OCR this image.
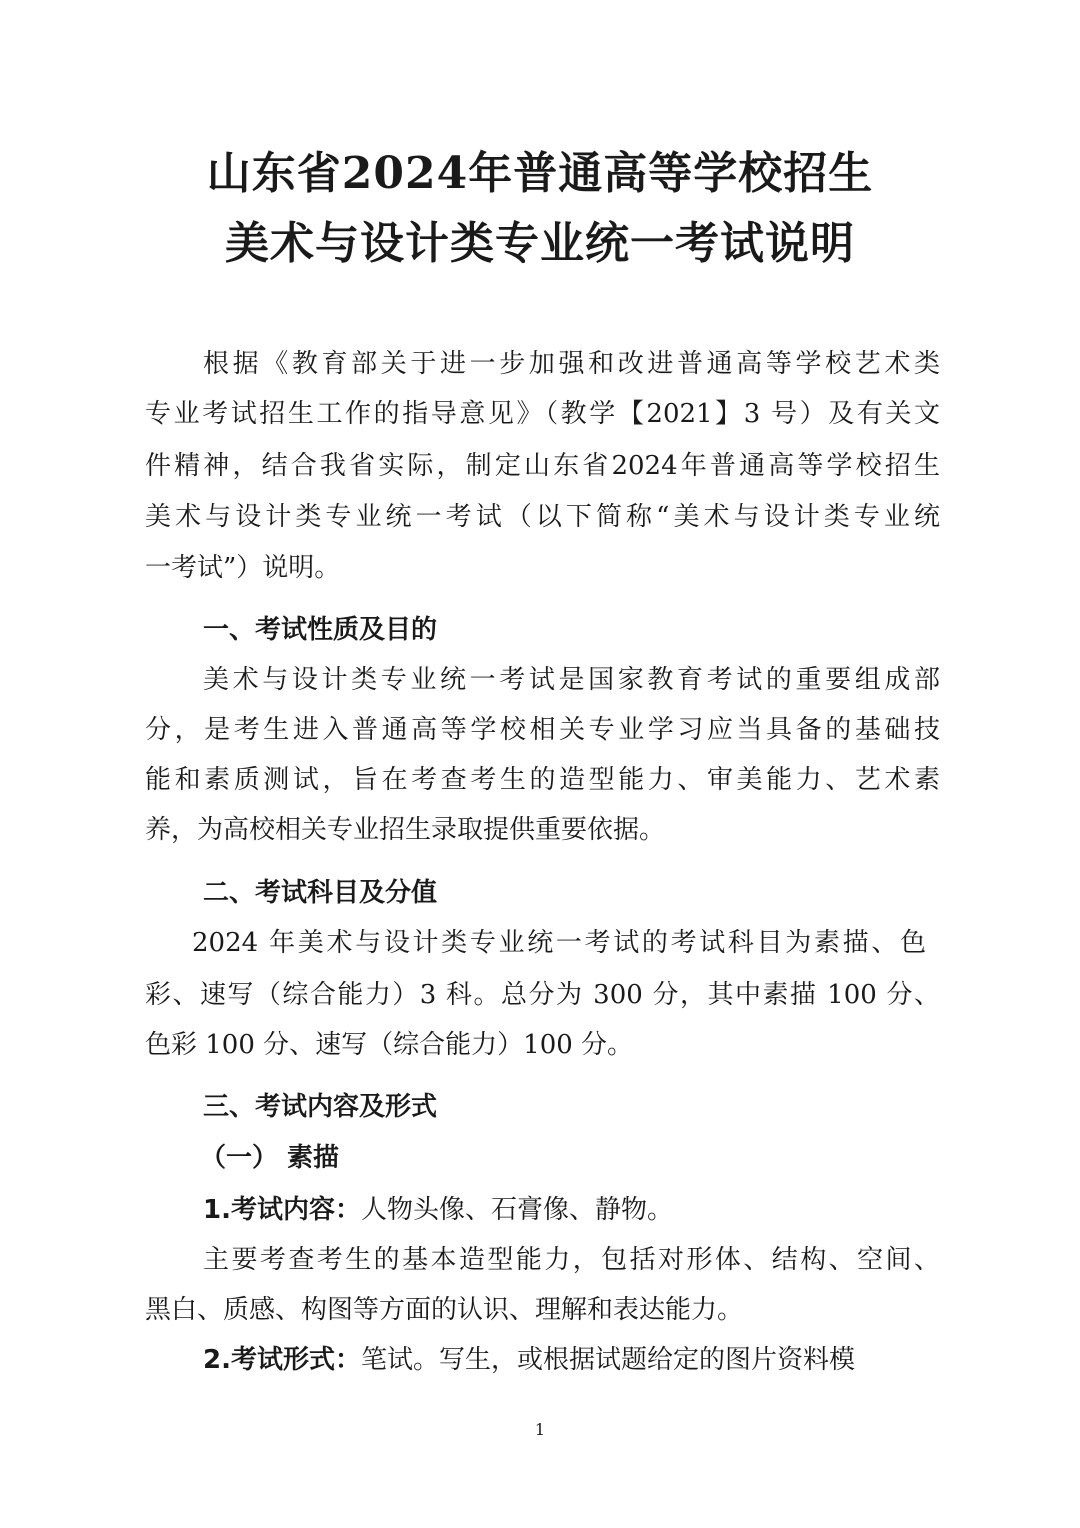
山东省2024年普通高等学校招生
美术与设计类专业统一考试说明
根据《教育部关于进一步加强和改进普通高等学校艺术类
专业考试招生工作的指导意见》（教学【2021】3 号）及有关文
件精神，结合我省实际，制定山东省2024年普通高等学校招生
美术与设计类专业统一考试（以下简称“美术与设计类专业统
一考试”）说明。
一、考试性质及目的
美术与设计类专业统一考试是国家教育考试的重要组成部
分，是考生进入普通高等学校相关专业学习应当具备的基础技
能和素质测试，旨在考查考生的造型能力、审美能力、艺术素
养，为高校相关专业招生录取提供重要依据。
二、考试科目及分值
2024 年美术与设计类专业统一考试的考试科目为素描、色
彩、速写（综合能力）3 科。总分为 300 分，其中素描 100 分、
色彩 100 分、速写（综合能力）100 分。
三、考试内容及形式
（一） 素描
1.考试内容：人物头像、石膏像、静物。
主要考查考生的基本造型能力，包括对形体、结构、空间、
黑白、质感、构图等方面的认识、理解和表达能力。
2.考试形式：笔试。写生，或根据试题给定的图片资料模
1
